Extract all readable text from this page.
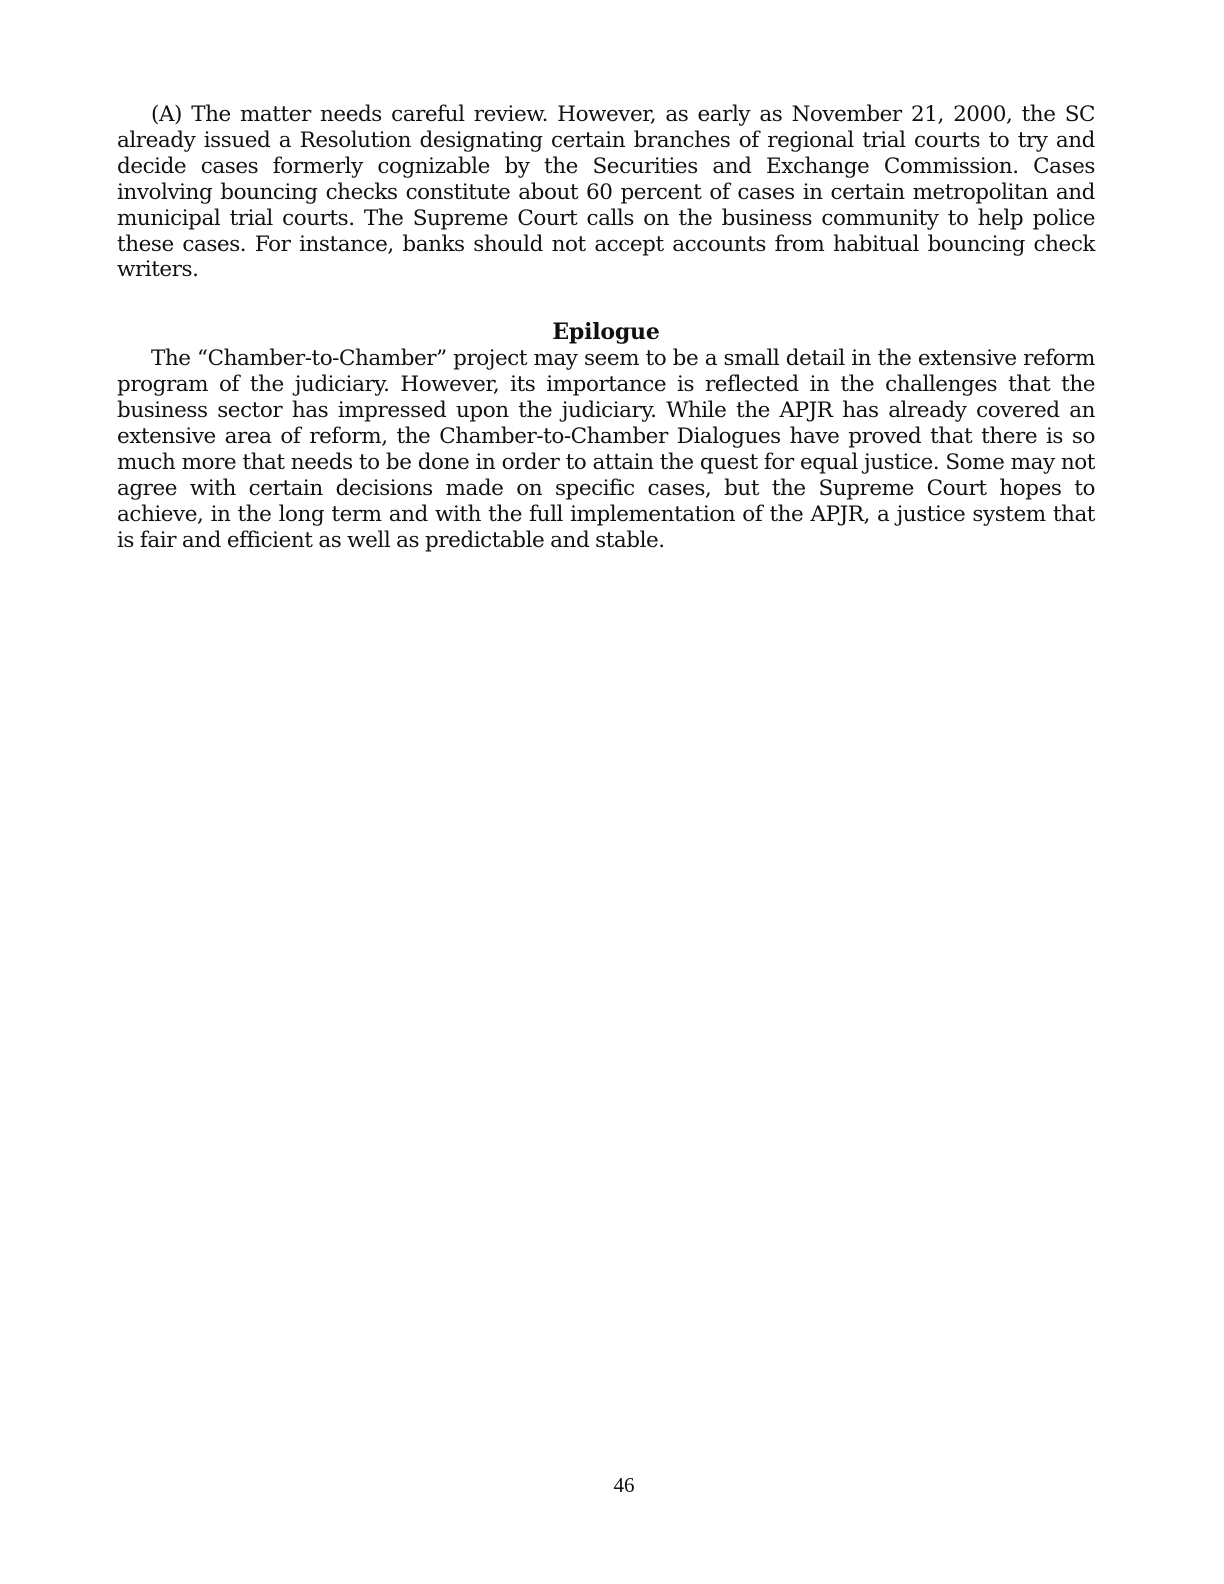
(A) The matter needs careful review. However, as early as November 21, 2000, the SC already issued a Resolution designating certain branches of regional trial courts to try and decide cases formerly cognizable by the Securities and Exchange Commission. Cases involving bouncing checks constitute about 60 percent of cases in certain metropolitan and municipal trial courts. The Supreme Court calls on the business community to help police these cases. For instance, banks should not accept accounts from habitual bouncing check writers.

Epilogue

The “Chamber-to-Chamber” project may seem to be a small detail in the extensive reform program of the judiciary. However, its importance is reflected in the challenges that the business sector has impressed upon the judiciary. While the APJR has already covered an extensive area of reform, the Chamber-to-Chamber Dialogues have proved that there is so much more that needs to be done in order to attain the quest for equal justice. Some may not agree with certain decisions made on specific cases, but the Supreme Court hopes to achieve, in the long term and with the full implementation of the APJR, a justice system that is fair and efficient as well as predictable and stable.

46
